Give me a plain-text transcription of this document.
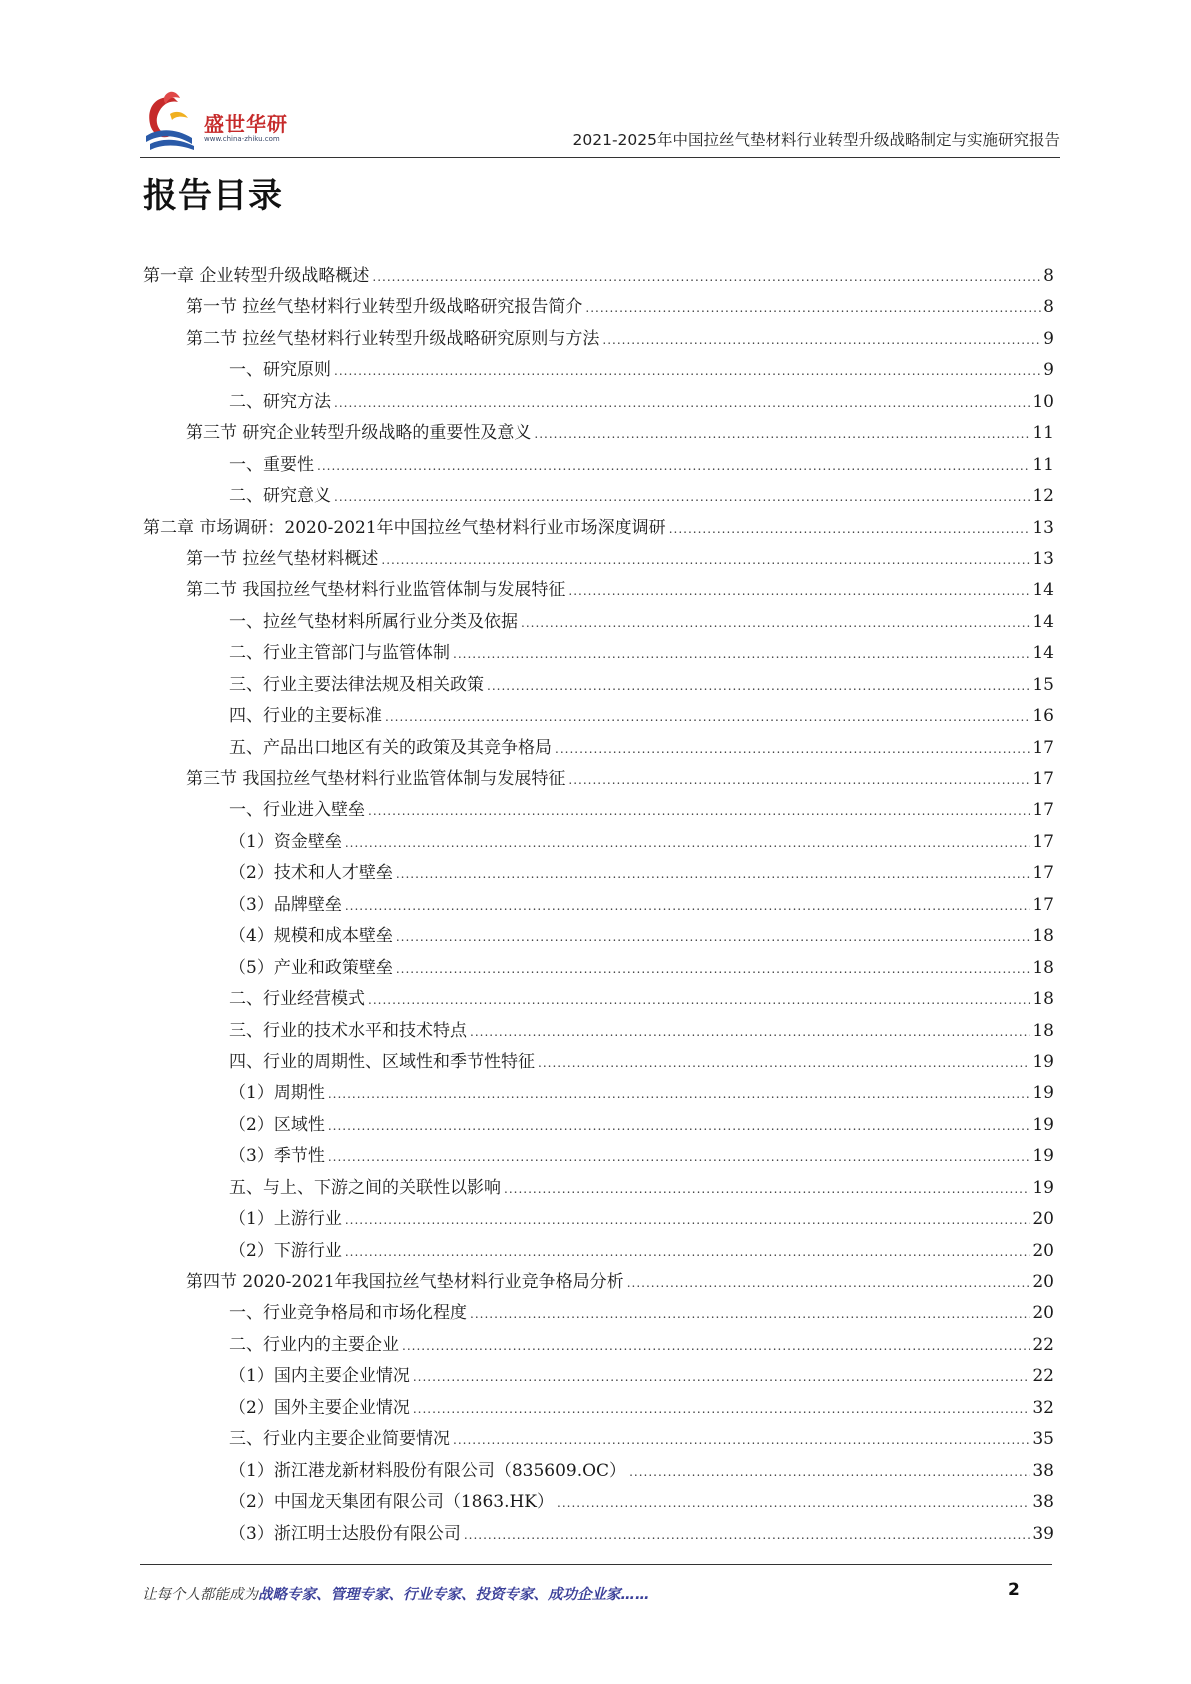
盛世华研
www.china-zhiku.com	2021-2025年中国拉丝气垫材料行业转型升级战略制定与实施研究报告
报告目录
第一章 企业转型升级战略概述 .....	8
第一节 拉丝气垫材料行业转型升级战略研究报告简介 .....	8
第二节 拉丝气垫材料行业转型升级战略研究原则与方法 .....	9
一、研究原则 .....	9
二、研究方法 .....	10
第三节 研究企业转型升级战略的重要性及意义 .....	11
一、重要性 .....	11
二、研究意义 .....	12
第二章 市场调研：2020-2021年中国拉丝气垫材料行业市场深度调研 .....	13
第一节 拉丝气垫材料概述 .....	13
第二节 我国拉丝气垫材料行业监管体制与发展特征 .....	14
一、拉丝气垫材料所属行业分类及依据 .....	14
二、行业主管部门与监管体制 .....	14
三、行业主要法律法规及相关政策 .....	15
四、行业的主要标准 .....	16
五、产品出口地区有关的政策及其竞争格局 .....	17
第三节 我国拉丝气垫材料行业监管体制与发展特征 .....	17
一、行业进入壁垒 .....	17
（1）资金壁垒 .....	17
（2）技术和人才壁垒 .....	17
（3）品牌壁垒 .....	17
（4）规模和成本壁垒 .....	18
（5）产业和政策壁垒 .....	18
二、行业经营模式 .....	18
三、行业的技术水平和技术特点 .....	18
四、行业的周期性、区域性和季节性特征 .....	19
（1）周期性 .....	19
（2）区域性 .....	19
（3）季节性 .....	19
五、与上、下游之间的关联性以影响 .....	19
（1）上游行业 .....	20
（2）下游行业 .....	20
第四节 2020-2021年我国拉丝气垫材料行业竞争格局分析 .....	20
一、行业竞争格局和市场化程度 .....	20
二、行业内的主要企业 .....	22
（1）国内主要企业情况 .....	22
（2）国外主要企业情况 .....	32
三、行业内主要企业简要情况 .....	35
（1）浙江港龙新材料股份有限公司（835609.OC） .....	38
（2）中国龙天集团有限公司（1863.HK） .....	38
（3）浙江明士达股份有限公司 .....	39
让每个人都能成为战略专家、管理专家、行业专家、投资专家、成功企业家……	2
